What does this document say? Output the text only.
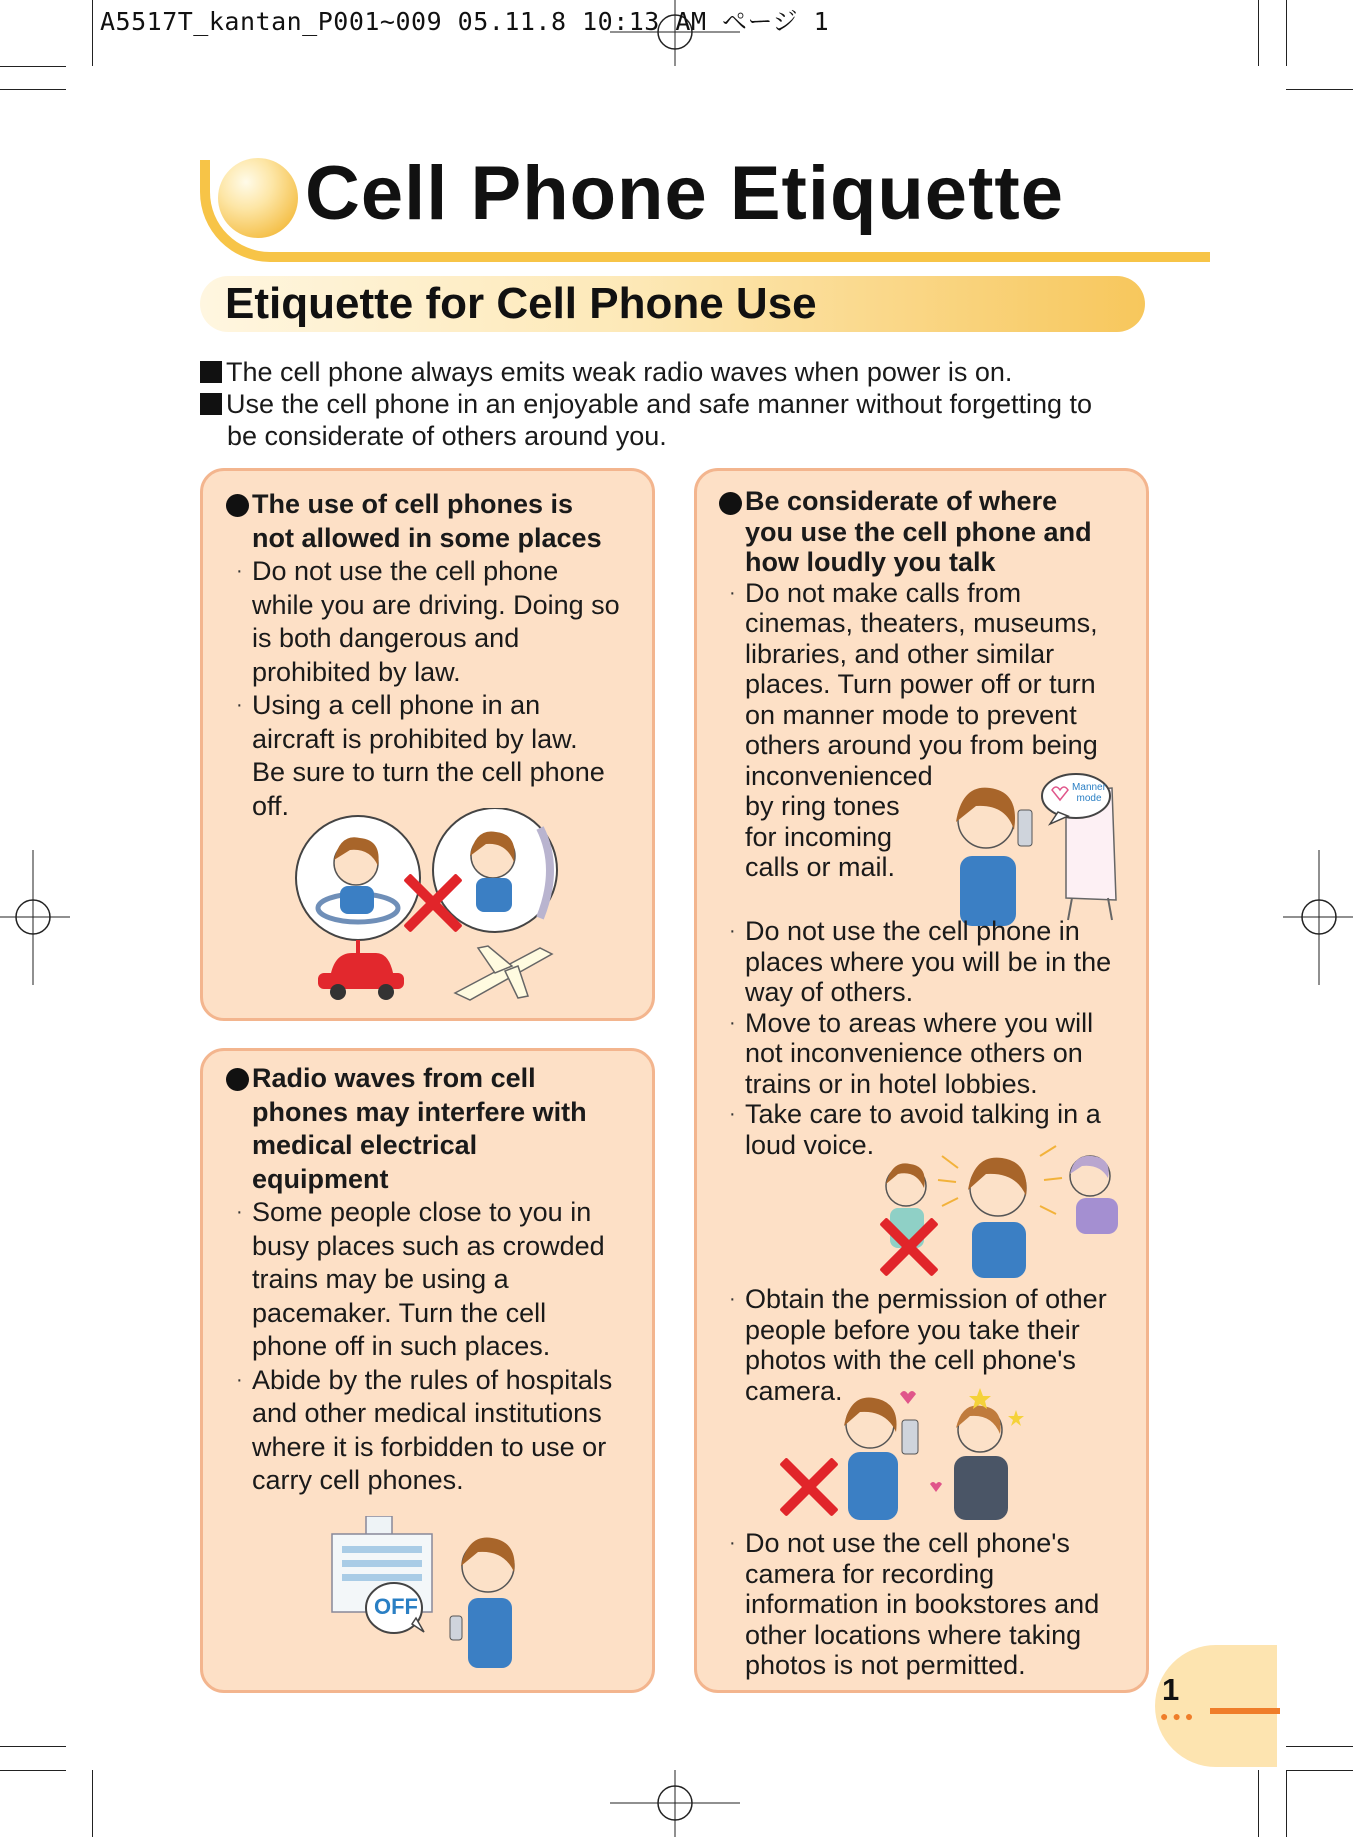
A5517T_kantan_P001~009 05.11.8 10:13 AM ページ 1
Cell Phone Etiquette
Etiquette for Cell Phone Use
The cell phone always emits weak radio waves when power is on.
Use the cell phone in an enjoyable and safe manner without forgetting to
be considerate of others around you.
The use of cell phones is
not allowed in some places
· Do not use the cell phone
while you are driving. Doing so
is both dangerous and
prohibited by law.
· Using a cell phone in an
aircraft is prohibited by law.
Be sure to turn the cell phone
off.
Radio waves from cell
phones may interfere with
medical electrical
equipment
· Some people close to you in
busy places such as crowded
trains may be using a
pacemaker. Turn the cell
phone off in such places.
· Abide by the rules of hospitals
and other medical institutions
where it is forbidden to use or
carry cell phones.
OFF
Be considerate of where
you use the cell phone and
how loudly you talk
· Do not make calls from
cinemas, theaters, museums,
libraries, and other similar
places. Turn power off or turn
on manner mode to prevent
others around you from being
inconvenienced
by ring tones
for incoming
calls or mail.
Manner mode
· Do not use the cell phone in
places where you will be in the
way of others.
· Move to areas where you will
not inconvenience others on
trains or in hotel lobbies.
· Take care to avoid talking in a
loud voice.
· Obtain the permission of other
people before you take their
photos with the cell phone's
camera.
· Do not use the cell phone's
camera for recording
information in bookstores and
other locations where taking
photos is not permitted.
1
●●●
